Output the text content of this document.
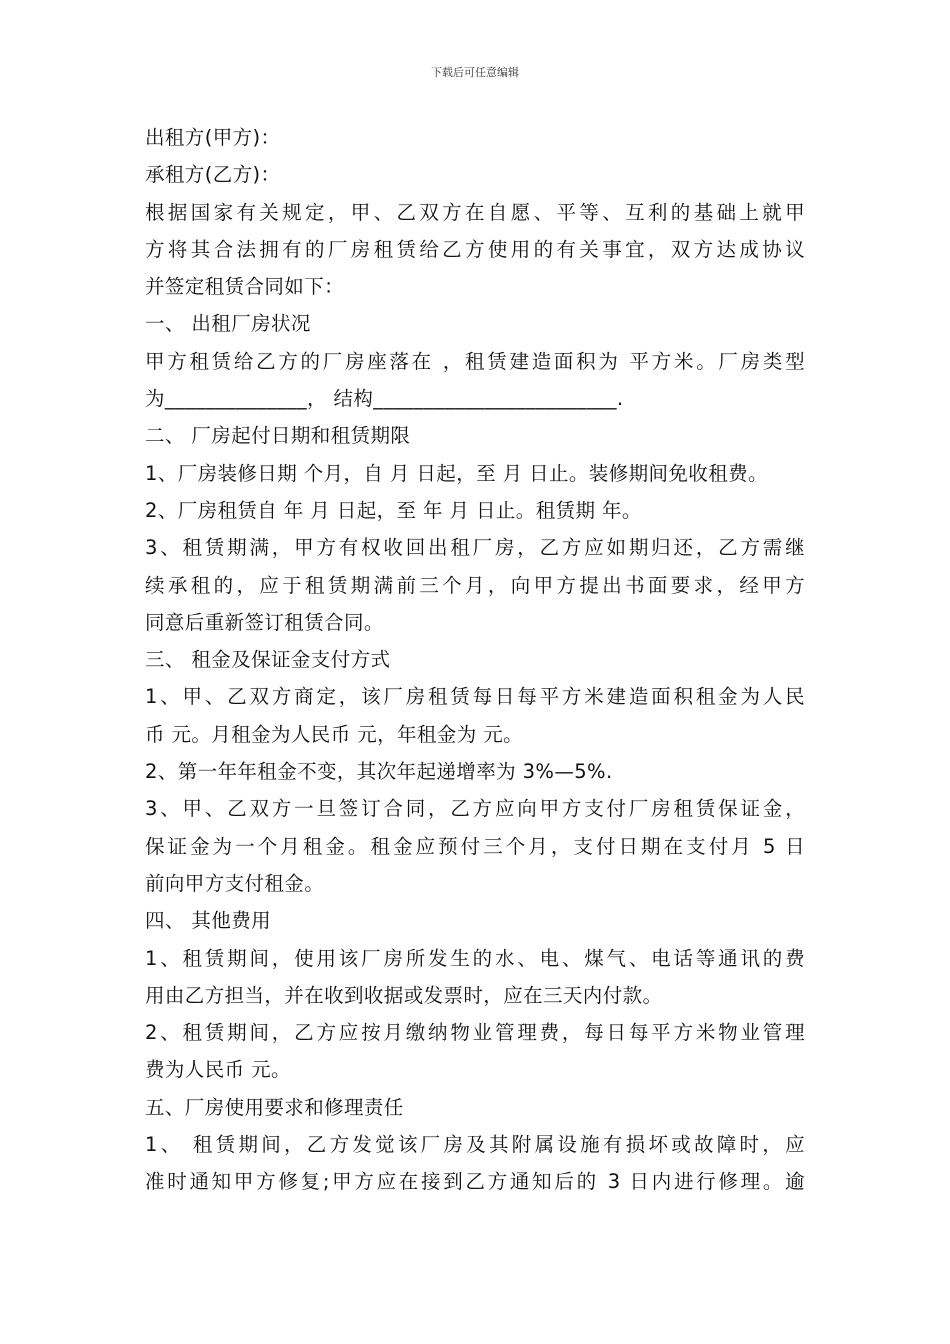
下载后可任意编辑
出租方(甲方)：
承租方(乙方)：
根据国家有关规定，甲、乙双方在自愿、平等、互利的基础上就甲
方将其合法拥有的厂房租赁给乙方使用的有关事宜，双方达成协议
并签定租赁合同如下：
一、 出租厂房状况
甲方租赁给乙方的厂房座落在 ，租赁建造面积为 平方米。厂房类型
为______________， 结构________________________.
二、 厂房起付日期和租赁期限
1、厂房装修日期 个月，自 月 日起，至 月 日止。装修期间免收租费。
2、厂房租赁自 年 月 日起，至 年 月 日止。租赁期 年。
3、租赁期满，甲方有权收回出租厂房，乙方应如期归还，乙方需继
续承租的，应于租赁期满前三个月，向甲方提出书面要求，经甲方
同意后重新签订租赁合同。
三、 租金及保证金支付方式
1、甲、乙双方商定，该厂房租赁每日每平方米建造面积租金为人民
币 元。月租金为人民币 元，年租金为 元。
2、第一年年租金不变，其次年起递增率为 3%—5%.
3、甲、乙双方一旦签订合同，乙方应向甲方支付厂房租赁保证金，
保证金为一个月租金。租金应预付三个月，支付日期在支付月 5 日
前向甲方支付租金。
四、 其他费用
1、租赁期间，使用该厂房所发生的水、电、煤气、电话等通讯的费
用由乙方担当，并在收到收据或发票时，应在三天内付款。
2、租赁期间，乙方应按月缴纳物业管理费，每日每平方米物业管理
费为人民币 元。
五、厂房使用要求和修理责任
1、 租赁期间，乙方发觉该厂房及其附属设施有损坏或故障时，应
准时通知甲方修复;甲方应在接到乙方通知后的 3 日内进行修理。逾
